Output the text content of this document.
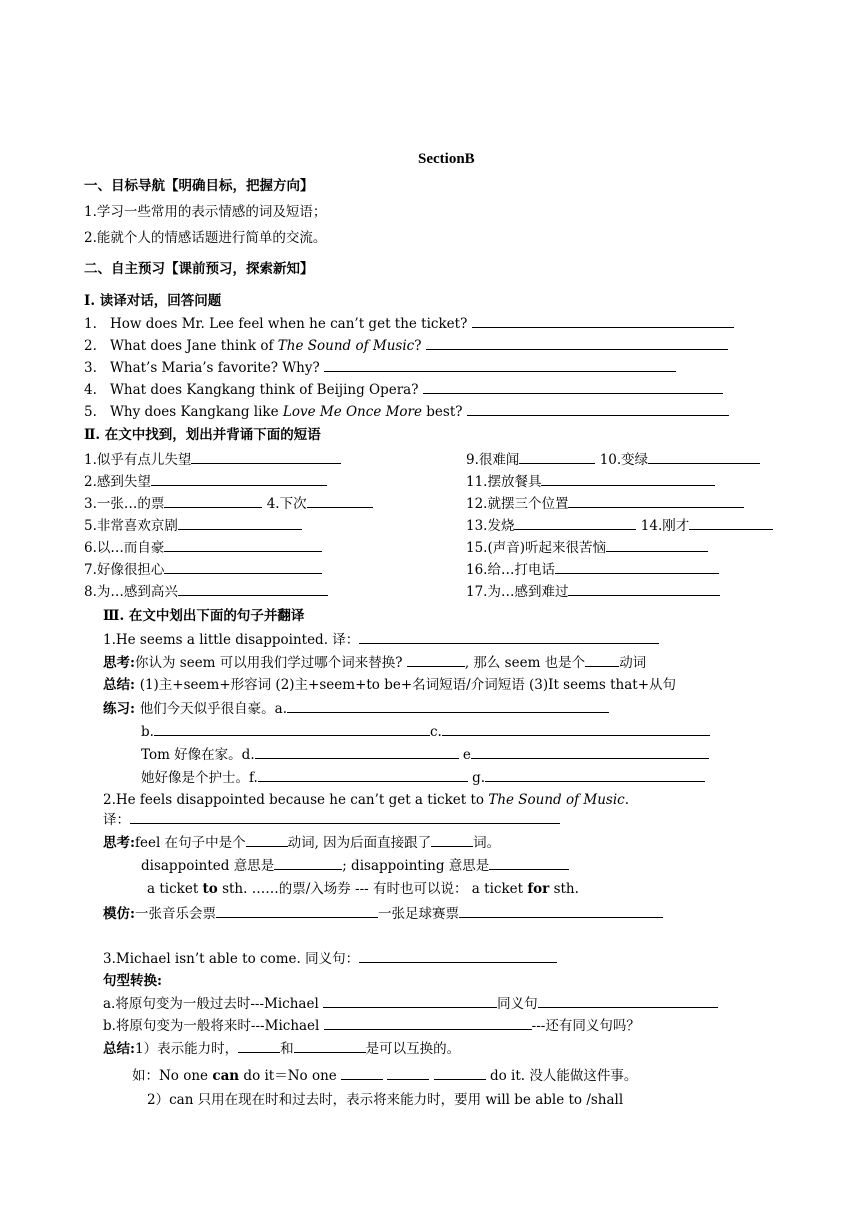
SectionB
一、目标导航【明确目标，把握方向】
1.学习一些常用的表示情感的词及短语；
2.能就个人的情感话题进行简单的交流。
二、自主预习【课前预习，探索新知】
Ⅰ. 读译对话，回答问题
1. How does Mr. Lee feel when he can’t get the ticket?
2. What does Jane think of The Sound of Music?
3. What’s Maria’s favorite? Why?
4. What does Kangkang think of Beijing Opera?
5. Why does Kangkang like Love Me Once More best?
Ⅱ. 在文中找到，划出并背诵下面的短语
1.似乎有点儿失望
2.感到失望
3.一张…的票	4.下次
5.非常喜欢京剧
6.以…而自豪
7.好像很担心
8.为…感到高兴
9.很难闻	10.变绿
11.摆放餐具
12.就摆三个位置
13.发烧	14.刚才
15.(声音)听起来很苦恼
16.给…打电话
17.为…感到难过
Ⅲ. 在文中划出下面的句子并翻译
1.He seems a little disappointed. 译：
思考:你认为 seem 可以用我们学过哪个词来替换?	, 那么 seem 也是个	动词
总结: (1)主+seem+形容词 (2)主+seem+to be+名词短语/介词短语 (3)It seems that+从句
练习: 他们今天似乎很自豪。a.
b.	c.
Tom 好像在家。d.	e
她好像是个护士。f.	g.
2.He feels disappointed because he can’t get a ticket to The Sound of Music.
译：
思考:feel 在句子中是个	动词, 因为后面直接跟了	词。
disappointed 意思是	; disappointing 意思是
a ticket to sth. ……的票/入场券 --- 有时也可以说： a ticket for sth.
模仿:一张音乐会票	一张足球赛票
3.Michael isn’t able to come. 同义句：
句型转换:
a.将原句变为一般过去时---Michael	同义句
b.将原句变为一般将来时---Michael	---还有同义句吗？
总结:1）表示能力时，	和	是可以互换的。
如：No one can do it＝No one	do it. 没人能做这件事。
2）can 只用在现在时和过去时，表示将来能力时，要用 will be able to /shall
